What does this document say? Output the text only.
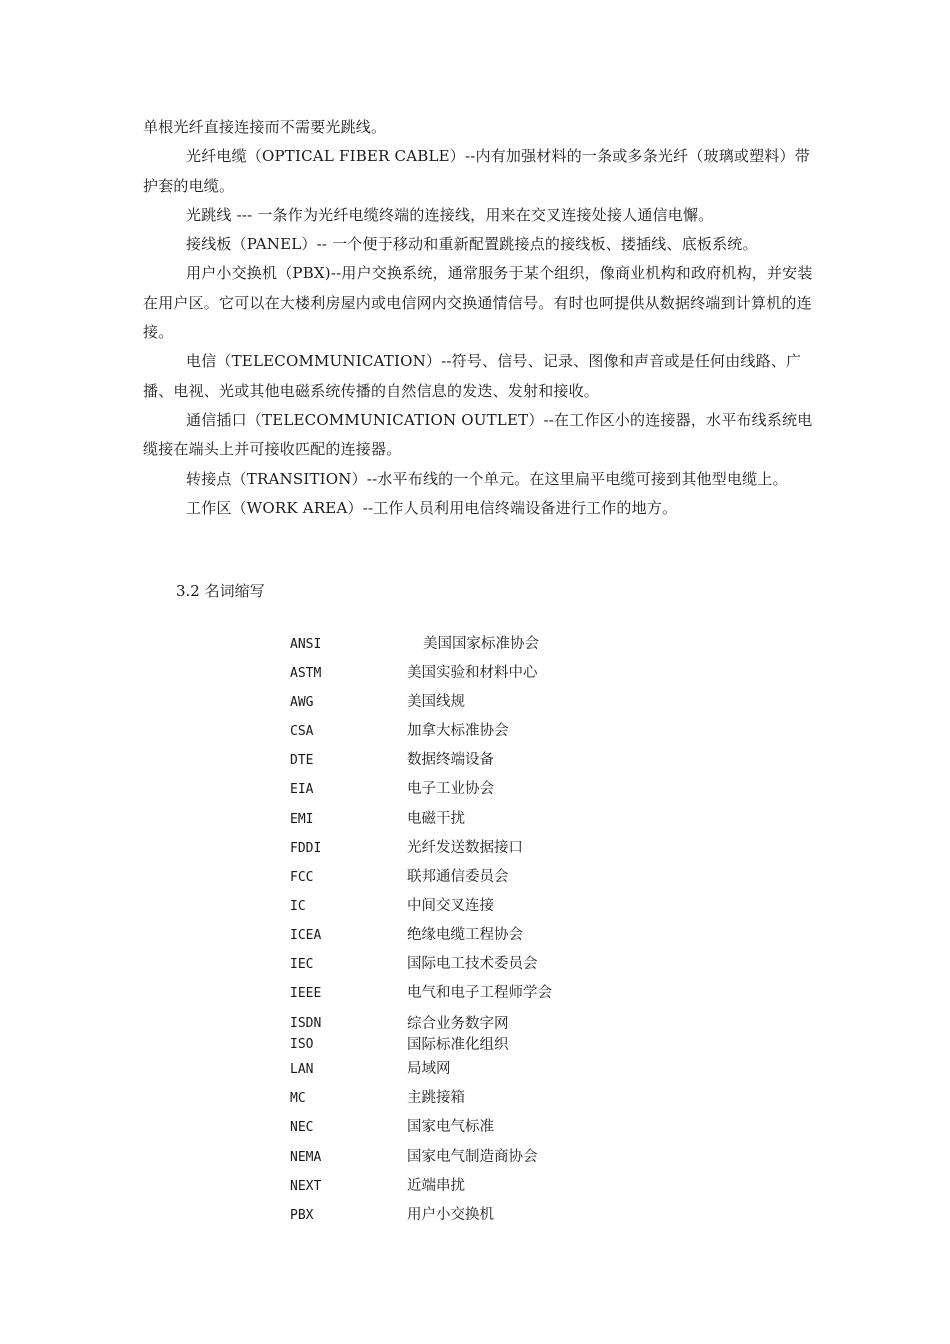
单根光纤直接连接而不需要光跳线。

光纤电缆（OPTICAL FIBER CABLE）--内有加强材料的一条或多条光纤（玻璃或塑料）带护套的电缆。

光跳线 --- 一条作为光纤电缆终端的连接线，用来在交叉连接处接人通信电懈。

接线板（PANEL）-- 一个便于移动和重新配置跳接点的接线板、搂插线、底板系统。

用户小交换机（PBX)--用户交换系统，通常服务于某个组织，像商业机构和政府机构，并安装在用户区。它可以在大楼利房屋内或电信网内交换通情信号。有时也呵提供从数据终端到计算机的连接。

电信（TELECOMMUNICATION）--符号、信号、记录、图像和声音或是任何由线路、广播、电视、光或其他电磁系统传播的自然信息的发迭、发射和接收。

通信插口（TELECOMMUNICATION OUTLET）--在工作区小的连接器，水平布线系统电缆接在端头上并可接收匹配的连接器。

转接点（TRANSITION）--水平布线的一个单元。在这里扁平电缆可接到其他型电缆上。

工作区（WORK AREA）--工作人员利用电信终端设备进行工作的地方。

3.2 名词缩写
ANSI	美国国家标准协会
ASTM	美国实验和材料中心
AWG	美国线规
CSA	加拿大标准协会
DTE	数据终端设备
EIA	电子工业协会
EMI	电磁干扰
FDDI	光纤发送数据接口
FCC	联邦通信委员会
IC	中间交叉连接
ICEA	绝缘电缆工程协会
IEC	国际电工技术委员会
IEEE	电气和电子工程师学会
ISDN	综合业务数字网
ISO	国际标准化组织
LAN	局域网
MC	主跳接箱
NEC	国家电气标准
NEMA	国家电气制造商协会
NEXT	近端串扰
PBX	用户小交换机
